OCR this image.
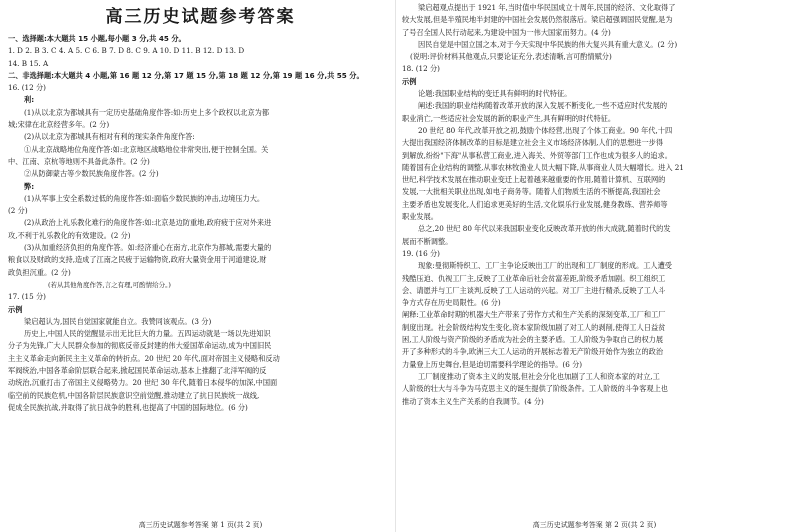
高三历史试题参考答案
一、选择题:本大题共 15 小题,每小题 3 分,共 45 分。
1. D 2. B 3. C 4. A 5. C 6. B 7. D 8. C 9. A 10. D 11. B 12. D 13. D
14. B 15. A
二、非选择题:本大题共 4 小题,第 16 题 12 分,第 17 题 15 分,第 18 题 12 分,第 19 题 16 分,共 55 分。
16. (12 分)
利:
(1)从以北京为都城具有一定历史基础角度作答:如:历史上多个政权以北京为都
城;宋律在北京经营多年。(2 分)
(2)从以北京为都城具有相对有利的现实条件角度作答:
①从北京战略地位角度作答:如:北京地区战略地位非常突出,便于控制全国。关
中、江南、京杭等地则不具备此条件。(2 分)
②从防御蒙古等少数民族角度作答。(2 分)
弊:
(1)从军事上安全系数过低的角度作答:如:面临少数民族的冲击,边境压力大。
(2 分)
(2)从政治上礼乐教化难行的角度作答:如:北京是边防重地,政府疲于应对外来进
攻,不利于礼乐教化的有效建设。(2 分)
(3)从加重经济负担的角度作答。如:经济重心在南方,北京作为都城,需要大量的
粮食以及财政的支持,造成了江南之民疲于运输物资,政府大量资金用于河道建设,财
政负担沉重。(2 分)
(若从其他角度作答,言之有理,可酌情给分。)
17. (15 分)
示例
梁启超认为,国民自觉国家就能自立。我赞同该观点。(3 分)
历史上,中国人民的觉醒显示出无比巨大的力量。五四运动就是一场以先进知识
分子为先锋,广大人民群众参加的彻底反帝反封建的伟大爱国革命运动,成为中国旧民
主主义革命走向新民主主义革命的转折点。20 世纪 20 年代,面对帝国主义侵略和反动
军阀统治,中国各革命阶层联合起来,掀起国民革命运动,基本上推翻了北洋军阀的反
动统治,沉重打击了帝国主义侵略势力。20 世纪 30 年代,随着日本侵华的加深,中国面
临空前的民族危机,中国各阶层民族意识空前觉醒,推动建立了抗日民族统一战线,
促成全民族抗战,并取得了抗日战争的胜利,也提高了中国的国际地位。(6 分)
高三历史试题参考答案 第 1 页(共 2 页)
梁启超观点提出于 1921 年,当时值中华民国成立十周年,民国的经济、文化取得了
较大发展,但是半殖民地半封建的中国社会发展仍然很落后。梁启超强调国民觉醒,是为
了号召全国人民行动起来,为建设中国为一伟大国家而努力。(4 分)
因民自觉是中国立国之本,对于今天实现中华民族的伟大复兴具有重大意义。(2 分)
(说明:评价材料其他观点,只要论证充分,表述清晰,言可酌情赋分)
18. (12 分)
示例
论题:我国职业结构的变迁具有鲜明的时代特征。
阐述:我国的职业结构随着改革开放的深入发展不断变化,一些不适应时代发展的
职业消亡,一些适应社会发展的新的职业产生,具有鲜明的时代特征。
20 世纪 80 年代,改革开放之初,鼓励个体经营,出现了个体工商业。90 年代,十四
大提出我国经济体制改革的目标是建立社会主义市场经济体制,人们的思想进一步得
到解放,纷纷"下海"从事私营工商业,进入海关、外贸等部门工作也成为很多人的追求。
随着国有企业结构的调整,从事农林牧渔业人员大幅下降,从事商业人员大幅增长。进入 21
世纪,科学技术发展在推动职业变迁上起着越来越重要的作用,随着计算机、互联网的
发展,一大批相关职业出现,如电子商务等。随着人们物质生活的不断提高,我国社会
主要矛盾也发展变化,人们追求更美好的生活,文化娱乐行业发展,健身教练、营养师等
职业发展。
总之,20 世纪 80 年代以来我国职业变化反映改革开放的伟大成就,随着时代的发
展而不断调整。
19. (16 分)
现象:曼彻斯特织工、工厂主争论反映出工厂的出现和工厂制度的形成。工人遭受
残酷压迫、仇视工厂主,反映了工业革命后社会贫富差距,阶级矛盾加剧。织工组织工
会、请愿并与工厂主谈判,反映了工人运动的兴起。对工厂主进行精杀,反映了工人斗
争方式存在历史局限性。(6 分)
阐释:工业革命时期的机器大生产带来了劳作方式和生产关系的深刻变革,工厂和工厂
制度出现。社会阶级结构发生变化,资本家阶级加剧了对工人的剥削,使得工人日益贫
困,工人阶级与资产阶级的矛盾成为社会的主要矛盾。工人阶级为争取自己的权力展
开了多种形式的斗争,欧洲三大工人运动的开展标志着无产阶级开始作为独立的政治
力量登上历史舞台,但是迫切需要科学理论的指导。(6 分)
工厂制度推动了资本主义的发展,但社会分化也加剧了工人和资本家的对立,工
人阶级的壮大与斗争为马克思主义的诞生提供了阶级条件。工人阶级的斗争客观上也
推动了资本主义生产关系的自我调节。(4 分)
高三历史试题参考答案 第 2 页(共 2 页)
